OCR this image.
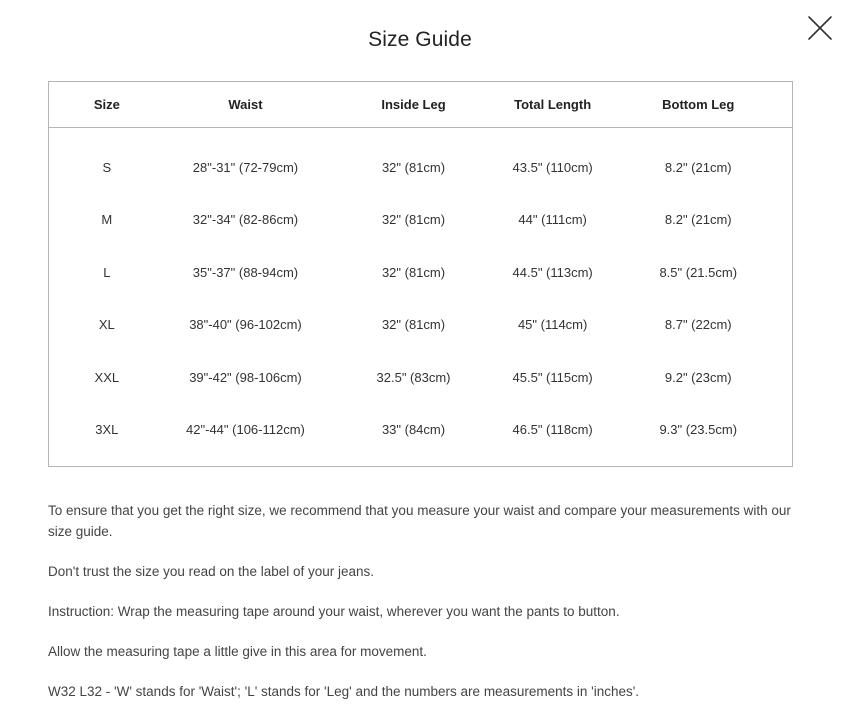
Size Guide
Size	Waist	Inside Leg	Total Length	Bottom Leg
S	28"-31" (72-79cm)	32" (81cm)	43.5" (110cm)	8.2" (21cm)
M	32"-34" (82-86cm)	32" (81cm)	44" (111cm)	8.2" (21cm)
L	35"-37" (88-94cm)	32" (81cm)	44.5" (113cm)	8.5" (21.5cm)
XL	38"-40" (96-102cm)	32" (81cm)	45" (114cm)	8.7" (22cm)
XXL	39"-42" (98-106cm)	32.5" (83cm)	45.5" (115cm)	9.2" (23cm)
3XL	42"-44" (106-112cm)	33" (84cm)	46.5" (118cm)	9.3" (23.5cm)

To ensure that you get the right size, we recommend that you measure your waist and compare your measurements with our size guide.

Don't trust the size you read on the label of your jeans.

Instruction: Wrap the measuring tape around your waist, wherever you want the pants to button.

Allow the measuring tape a little give in this area for movement.

W32 L32 - 'W' stands for 'Waist'; 'L' stands for 'Leg' and the numbers are measurements in 'inches'.
